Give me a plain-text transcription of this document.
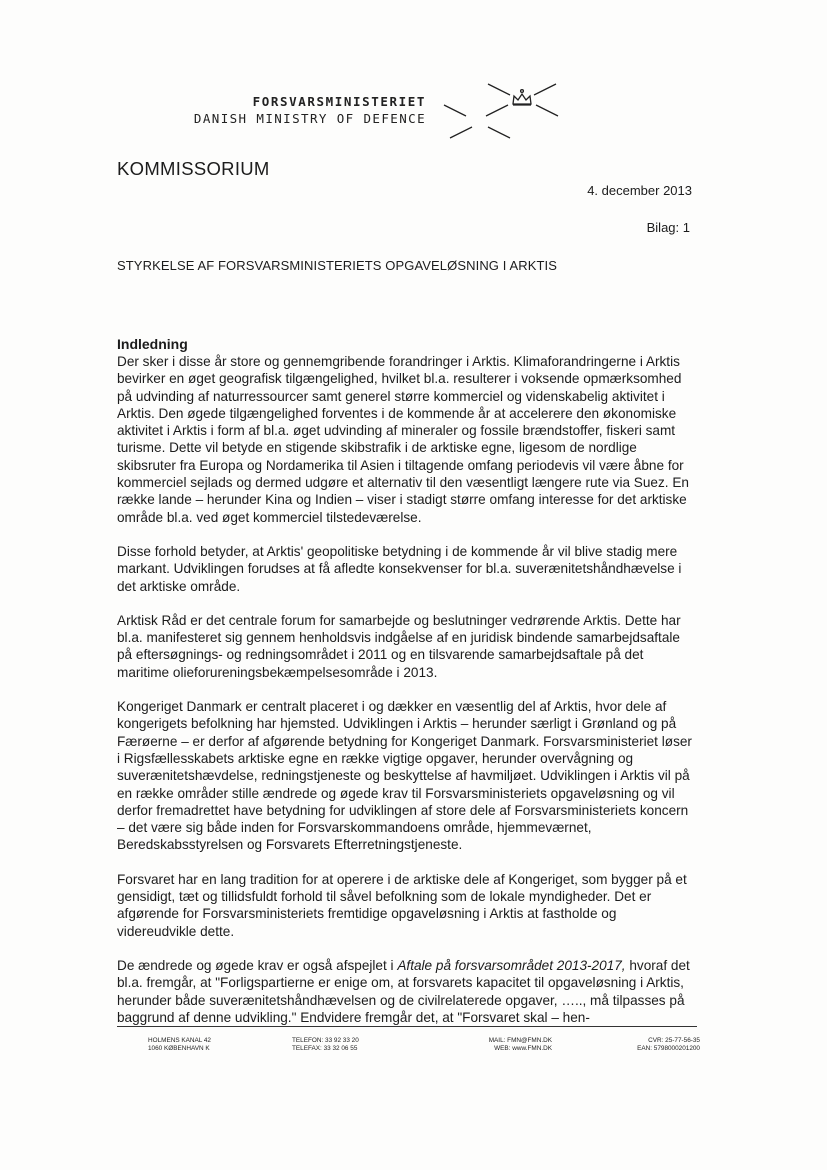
FORSVARSMINISTERIET
DANISH MINISTRY OF DEFENCE
KOMMISSORIUM
4. december 2013
Bilag: 1
STYRKELSE AF FORSVARSMINISTERIETS OPGAVELØSNING I ARKTIS
Indledning

Der sker i disse år store og gennemgribende forandringer i Arktis. Klimaforandringerne i Arktis bevirker en øget geografisk tilgængelighed, hvilket bl.a. resulterer i voksende opmærksomhed på udvinding af naturressourcer samt generel større kommerciel og videnskabelig aktivitet i Arktis. Den øgede tilgængelighed forventes i de kommende år at accelerere den økonomiske aktivitet i Arktis i form af bl.a. øget udvinding af mineraler og fossile brændstoffer, fiskeri samt turisme. Dette vil betyde en stigende skibstrafik i de arktiske egne, ligesom de nordlige skibsruter fra Europa og Nordamerika til Asien i tiltagende omfang periodevis vil være åbne for kommerciel sejlads og dermed udgøre et alternativ til den væsentligt længere rute via Suez. En række lande – herunder Kina og Indien – viser i stadigt større omfang interesse for det arktiske område bl.a. ved øget kommerciel tilstedeværelse.

Disse forhold betyder, at Arktis' geopolitiske betydning i de kommende år vil blive stadig mere markant. Udviklingen forudses at få afledte konsekvenser for bl.a. suverænitetshåndhævelse i det arktiske område.

Arktisk Råd er det centrale forum for samarbejde og beslutninger vedrørende Arktis. Dette har bl.a. manifesteret sig gennem henholdsvis indgåelse af en juridisk bindende samarbejdsaftale på eftersøgnings- og redningsområdet i 2011 og en tilsvarende samarbejdsaftale på det maritime olieforureningsbekæmpelsesområde i 2013.

Kongeriget Danmark er centralt placeret i og dækker en væsentlig del af Arktis, hvor dele af kongerigets befolkning har hjemsted. Udviklingen i Arktis – herunder særligt i Grønland og på Færøerne – er derfor af afgørende betydning for Kongeriget Danmark. Forsvarsministeriet løser i Rigsfællesskabets arktiske egne en række vigtige opgaver, herunder overvågning og suverænitetshævdelse, redningstjeneste og beskyttelse af havmiljøet. Udviklingen i Arktis vil på en række områder stille ændrede og øgede krav til Forsvarsministeriets opgaveløsning og vil derfor fremadrettet have betydning for udviklingen af store dele af Forsvarsministeriets koncern – det være sig både inden for Forsvarskommandoens område, hjemmeværnet, Beredskabsstyrelsen og Forsvarets Efterretningstjeneste.

Forsvaret har en lang tradition for at operere i de arktiske dele af Kongeriget, som bygger på et gensidigt, tæt og tillidsfuldt forhold til såvel befolkning som de lokale myndigheder. Det er afgørende for Forsvarsministeriets fremtidige opgaveløsning i Arktis at fastholde og videreudvikle dette.

De ændrede og øgede krav er også afspejlet i Aftale på forsvarsområdet 2013-2017, hvoraf det bl.a. fremgår, at "Forligspartierne er enige om, at forsvarets kapacitet til opgaveløsning i Arktis, herunder både suverænitetshåndhævelsen og de civilrelaterede opgaver, ….., må tilpasses på baggrund af denne udvikling." Endvidere fremgår det, at "Forsvaret skal – hen-

HOLMENS KANAL 42
1060 KØBENHAVN K
TELEFON: 33 92 33 20
TELEFAX: 33 32 06 55
MAIL: FMN@FMN.DK
WEB: www.FMN.DK
CVR: 25-77-56-35
EAN: 5798000201200
